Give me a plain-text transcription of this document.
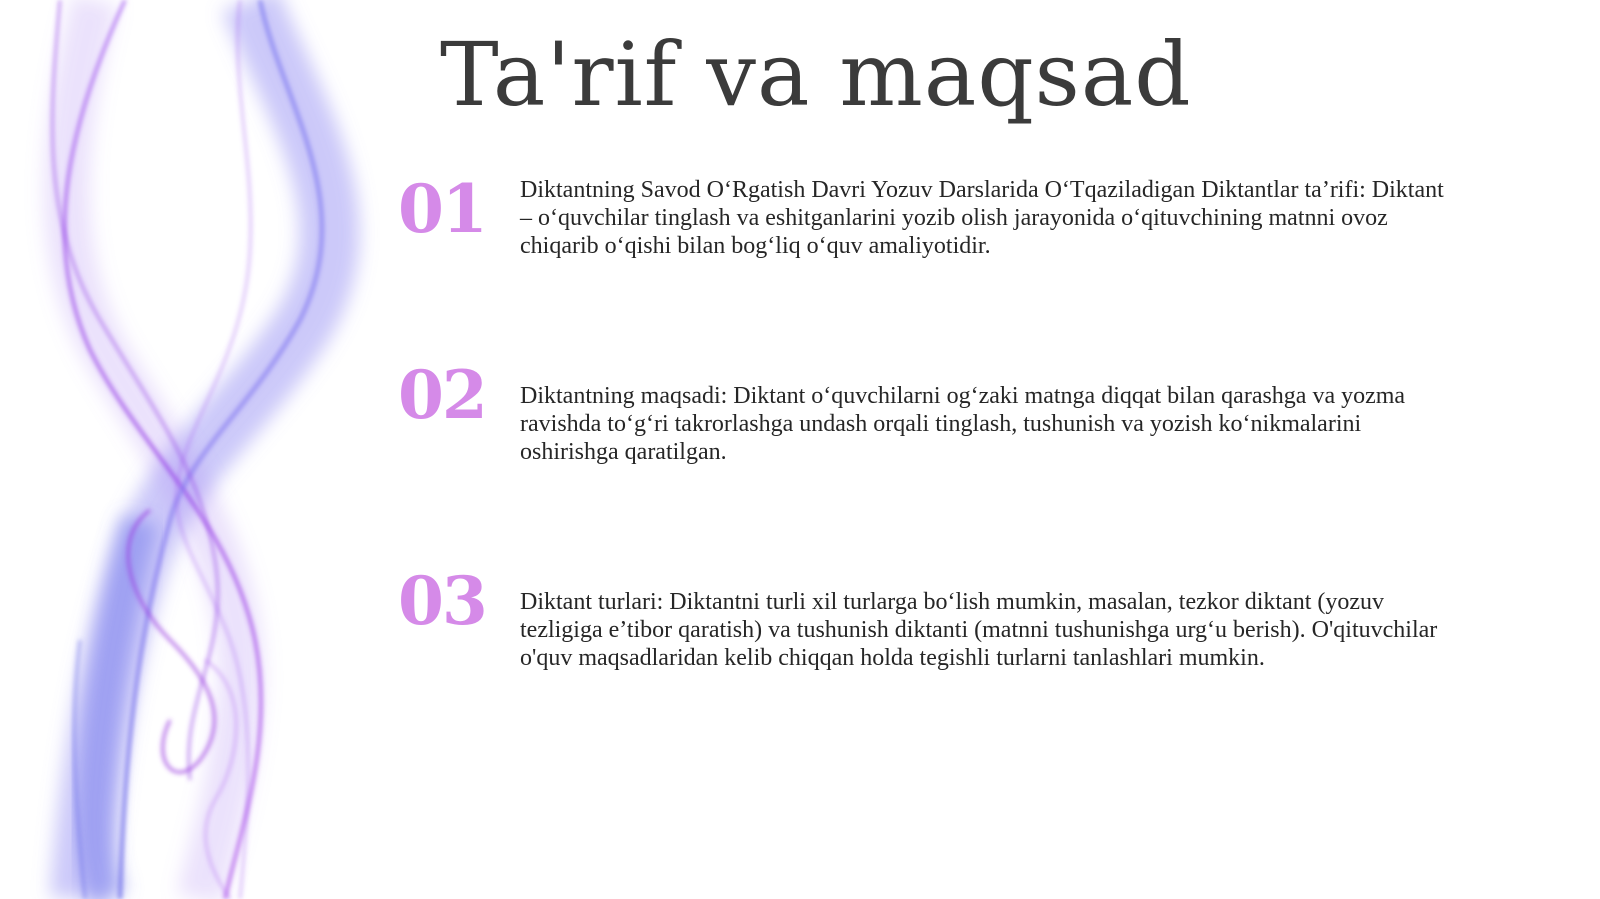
Ta'rif va maqsad
01 Diktantning Savod O‘Rgatish Davri Yozuv Darslarida O‘Tqaziladigan Diktantlar ta’rifi: Diktant – o‘quvchilar tinglash va eshitganlarini yozib olish jarayonida o‘qituvchining matnni ovoz chiqarib o‘qishi bilan bog‘liq o‘quv amaliyotidir.

02 Diktantning maqsadi: Diktant o‘quvchilarni og‘zaki matnga diqqat bilan qarashga va yozma ravishda to‘g‘ri takrorlashga undash orqali tinglash, tushunish va yozish ko‘nikmalarini oshirishga qaratilgan.

03 Diktant turlari: Diktantni turli xil turlarga bo‘lish mumkin, masalan, tezkor diktant (yozuv tezligiga e’tibor qaratish) va tushunish diktanti (matnni tushunishga urg‘u berish). O'qituvchilar o'quv maqsadlaridan kelib chiqqan holda tegishli turlarni tanlashlari mumkin.
